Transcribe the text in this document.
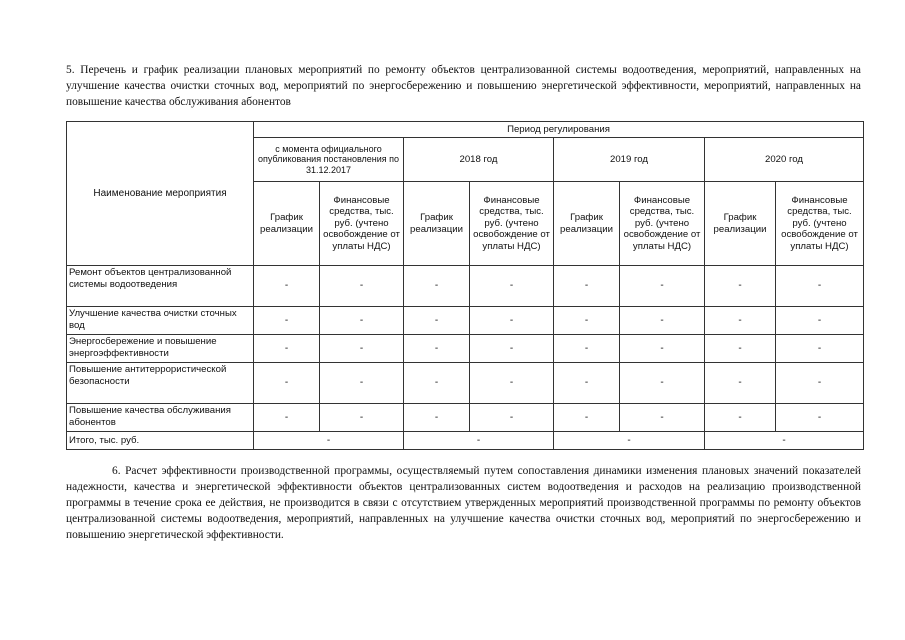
5. Перечень и график реализации плановых мероприятий по ремонту объектов централизованной системы водоотведения, мероприятий, направленных на улучшение качества очистки сточных вод, мероприятий по энергосбережению и повышению энергетической эффективности, мероприятий, направленных на повышение качества обслуживания абонентов

Наименование мероприятия	Период регулирования							
	с момента официального опубликования постановления по 31.12.2017		2018 год		2019 год		2020 год	
	График реализации	Финансовые средства, тыс. руб. (учтено освобождение от уплаты НДС)	График реализации	Финансовые средства, тыс. руб. (учтено освобождение от уплаты НДС)	График реализации	Финансовые средства, тыс. руб. (учтено освобождение от уплаты НДС)	График реализации	Финансовые средства, тыс. руб. (учтено освобождение от уплаты НДС)
Ремонт объектов централизованной системы водоотведения	-	-	-	-	-	-	-	-
Улучшение качества очистки сточных вод	-	-	-	-	-	-	-	-
Энергосбережение и повышение энергоэффективности	-	-	-	-	-	-	-	-
Повышение антитеррористической безопасности	-	-	-	-	-	-	-	-
Повышение качества обслуживания абонентов	-	-	-	-	-	-	-	-
Итого, тыс. руб.	-		-		-		-	

6. Расчет эффективности производственной программы, осуществляемый путем сопоставления динамики изменения плановых значений показателей надежности, качества и энергетической эффективности объектов централизованных систем водоотведения и расходов на реализацию производственной программы в течение срока ее действия, не производится в связи с отсутствием утвержденных мероприятий производственной программы по ремонту объектов централизованной системы водоотведения, мероприятий, направленных на улучшение качества очистки сточных вод, мероприятий по энергосбережению и повышению энергетической эффективности.
